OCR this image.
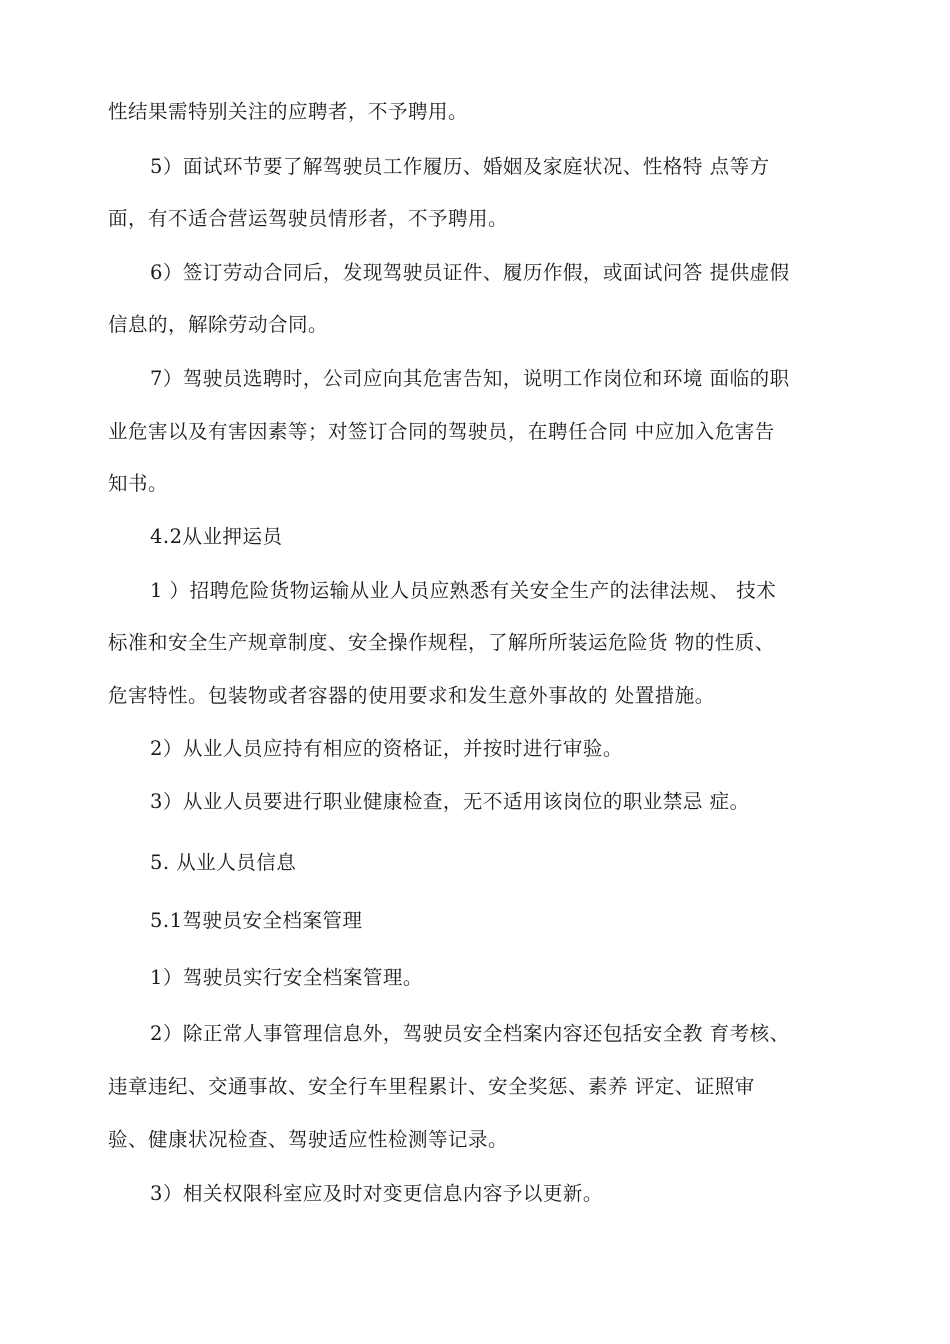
性结果需特别关注的应聘者，不予聘用。
5）面试环节要了解驾驶员工作履历、婚姻及家庭状况、性格特 点等方
面，有不适合营运驾驶员情形者，不予聘用。
6）签订劳动合同后，发现驾驶员证件、履历作假，或面试问答 提供虚假
信息的，解除劳动合同。
7）驾驶员选聘时，公司应向其危害告知，说明工作岗位和环境 面临的职
业危害以及有害因素等；对签订合同的驾驶员，在聘任合同 中应加入危害告
知书。
4.2从业押运员
1 ）招聘危险货物运输从业人员应熟悉有关安全生产的法律法规、 技术
标准和安全生产规章制度、安全操作规程，了解所所装运危险货 物的性质、
危害特性。包装物或者容器的使用要求和发生意外事故的 处置措施。
2）从业人员应持有相应的资格证，并按时进行审验。
3）从业人员要进行职业健康检查，无不适用该岗位的职业禁忌 症。
5. 从业人员信息
5.1驾驶员安全档案管理
1）驾驶员实行安全档案管理。
2）除正常人事管理信息外，驾驶员安全档案内容还包括安全教 育考核、
违章违纪、交通事故、安全行车里程累计、安全奖惩、素养 评定、证照审
验、健康状况检查、驾驶适应性检测等记录。
3）相关权限科室应及时对变更信息内容予以更新。
